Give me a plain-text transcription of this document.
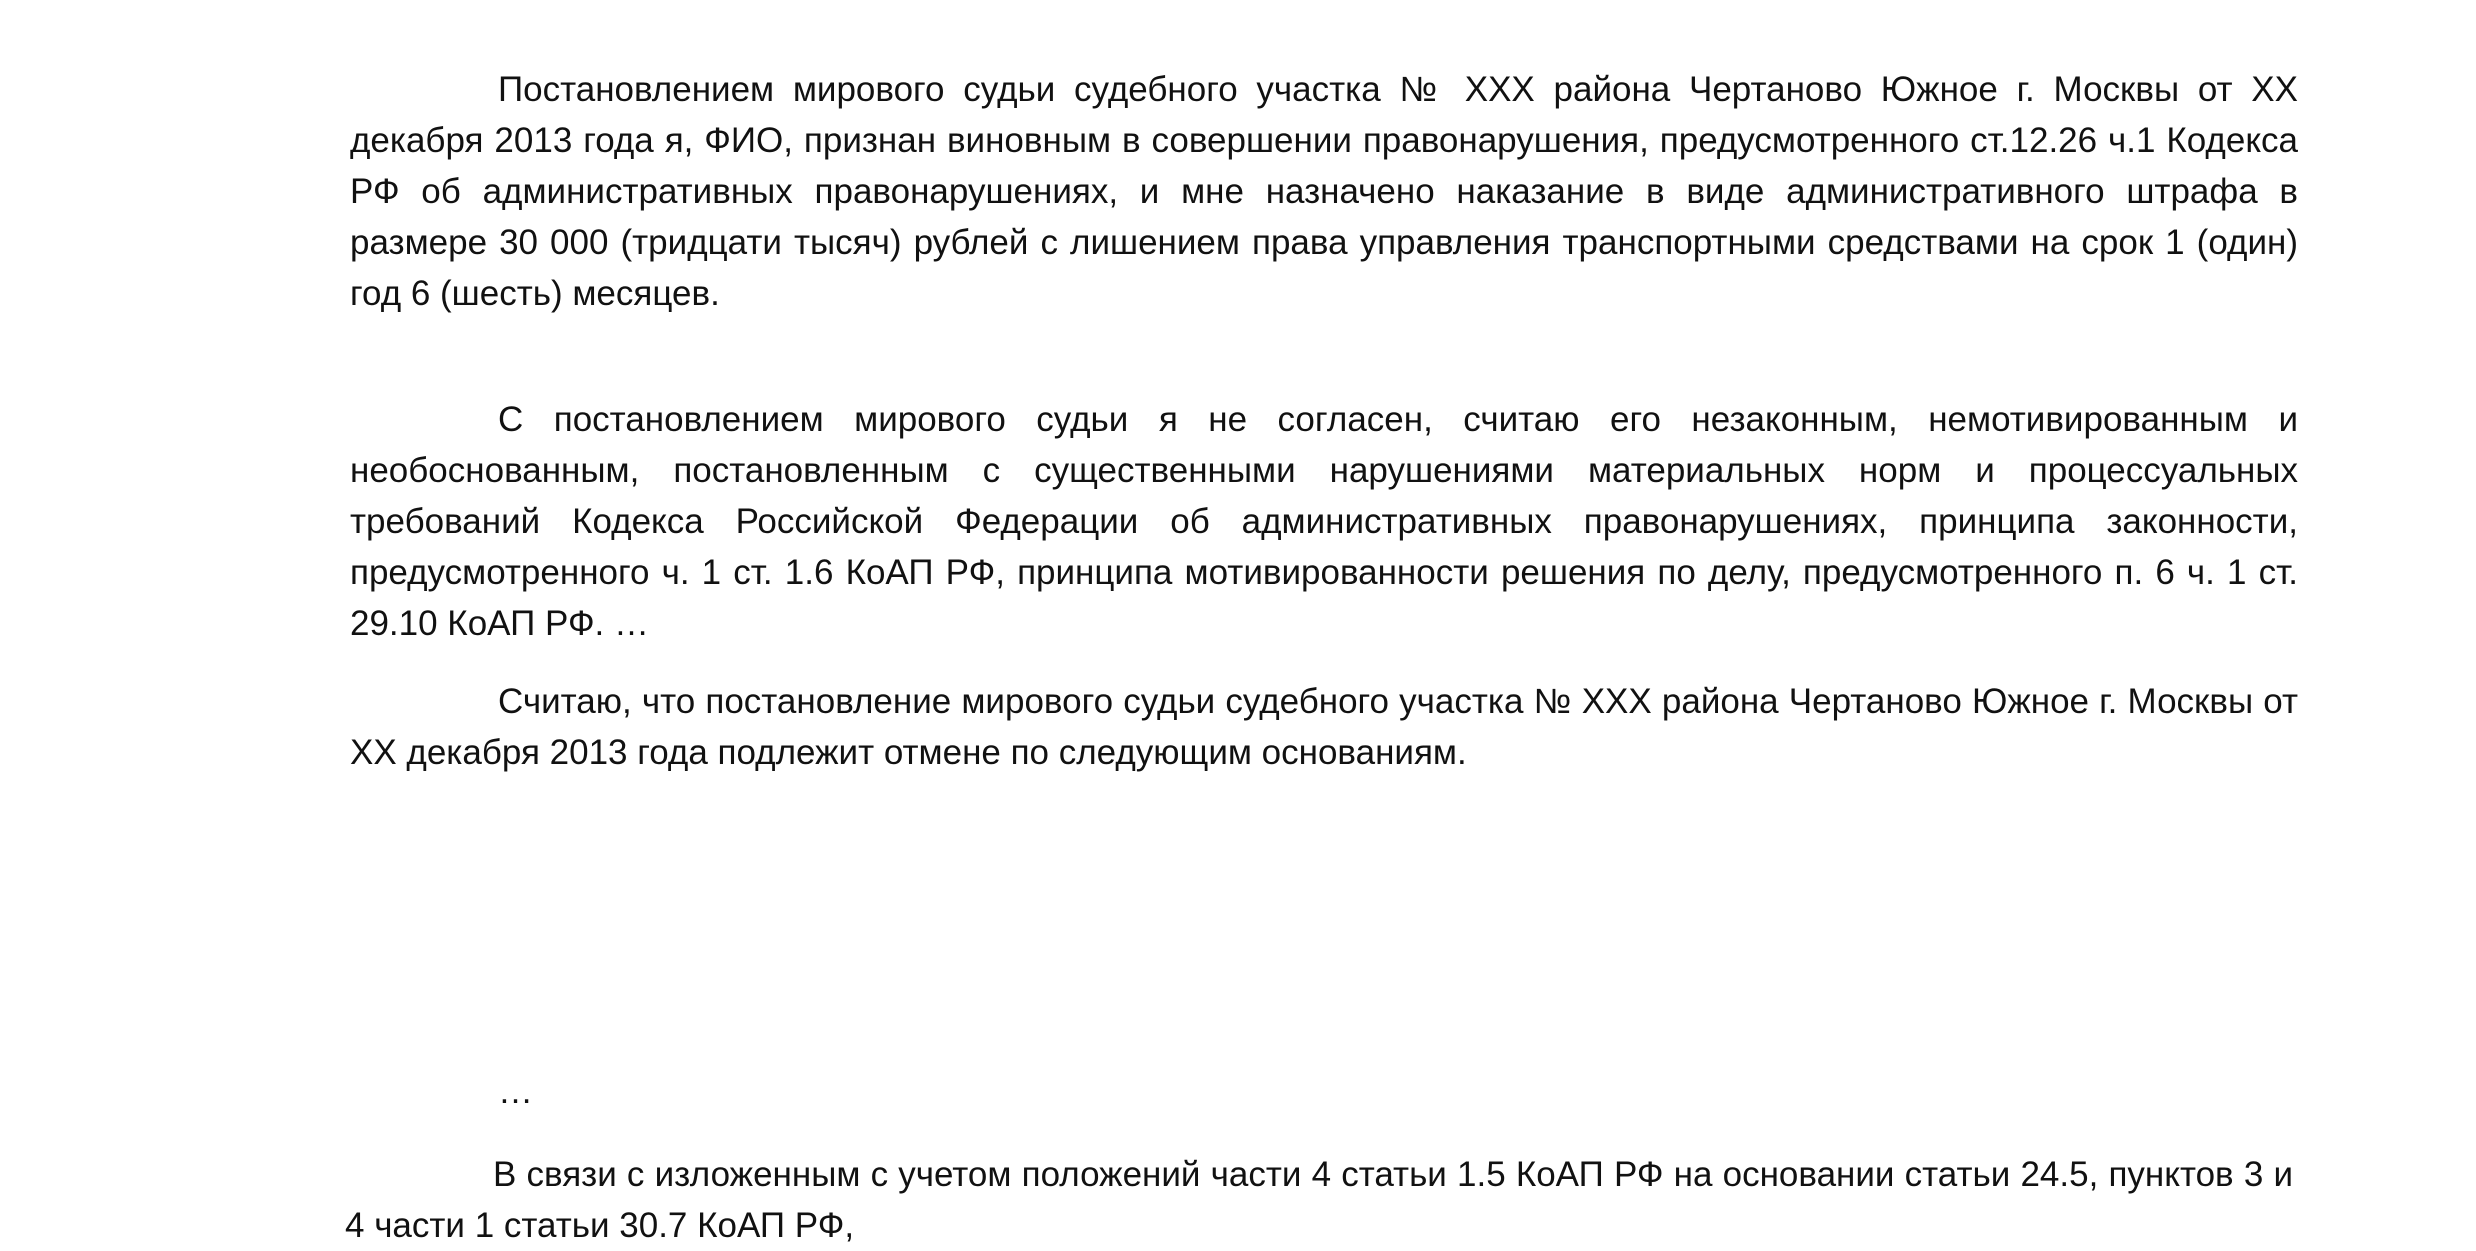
Постановлением мирового судьи судебного участка № XXX района Чертаново Южное г. Москвы от XX декабря 2013 года я, ФИО, признан виновным в совершении правонарушения, предусмотренного ст.12.26 ч.1 Кодекса РФ об административных правонарушениях, и мне назначено наказание в виде административного штрафа в размере 30 000 (тридцати тысяч) рублей с лишением права управления транспортными средствами на срок 1 (один) год 6 (шесть) месяцев.

С постановлением мирового судьи я не согласен, считаю его незаконным, немотивированным и необоснованным, постановленным с существенными нарушениями материальных норм и процессуальных требований Кодекса Российской Федерации об административных правонарушениях, принципа законности, предусмотренного ч. 1 ст. 1.6 КоАП РФ, принципа мотивированности решения по делу, предусмотренного п. 6 ч. 1 ст. 29.10 КоАП РФ. …

Считаю, что постановление мирового судьи судебного участка № XXX района Чертаново Южное г. Москвы от XX декабря 2013 года подлежит отмене по следующим основаниям.

…

В связи с изложенным с учетом положений части 4 статьи 1.5 КоАП РФ на основании статьи 24.5, пунктов 3 и 4 части 1 статьи 30.7 КоАП РФ,
